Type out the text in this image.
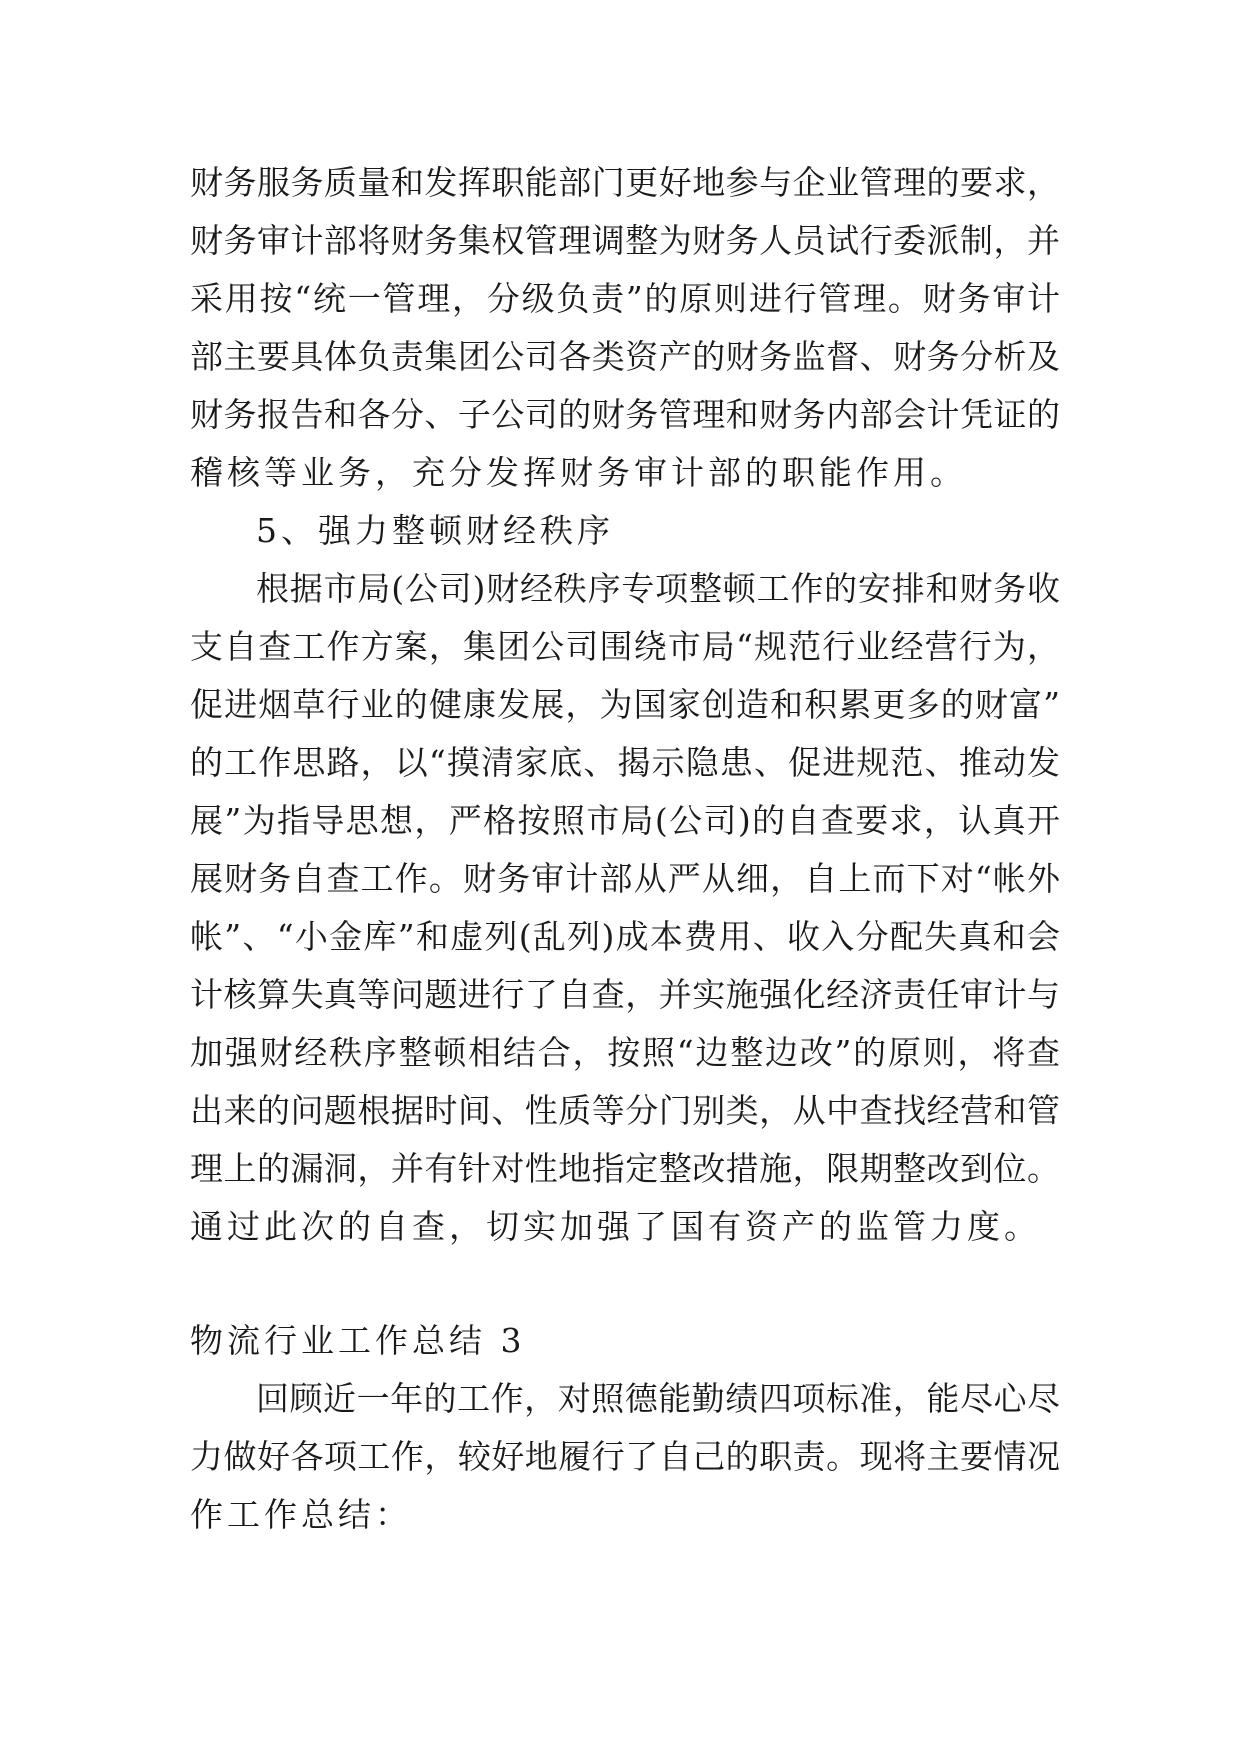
财务服务质量和发挥职能部门更好地参与企业管理的要求，
财务审计部将财务集权管理调整为财务人员试行委派制，并
采用按“统一管理，分级负责”的原则进行管理。财务审计
部主要具体负责集团公司各类资产的财务监督、财务分析及
财务报告和各分、子公司的财务管理和财务内部会计凭证的
稽核等业务，充分发挥财务审计部的职能作用。
5、强力整顿财经秩序
根据市局(公司)财经秩序专项整顿工作的安排和财务收
支自查工作方案，集团公司围绕市局“规范行业经营行为，
促进烟草行业的健康发展，为国家创造和积累更多的财富”
的工作思路，以“摸清家底、揭示隐患、促进规范、推动发
展”为指导思想，严格按照市局(公司)的自查要求，认真开
展财务自查工作。财务审计部从严从细，自上而下对“帐外
帐”、“小金库”和虚列(乱列)成本费用、收入分配失真和会
计核算失真等问题进行了自查，并实施强化经济责任审计与
加强财经秩序整顿相结合，按照“边整边改”的原则，将查
出来的问题根据时间、性质等分门别类，从中查找经营和管
理上的漏洞，并有针对性地指定整改措施，限期整改到位。
通过此次的自查，切实加强了国有资产的监管力度。
物流行业工作总结 3
回顾近一年的工作，对照德能勤绩四项标准，能尽心尽
力做好各项工作，较好地履行了自己的职责。现将主要情况
作工作总结：
